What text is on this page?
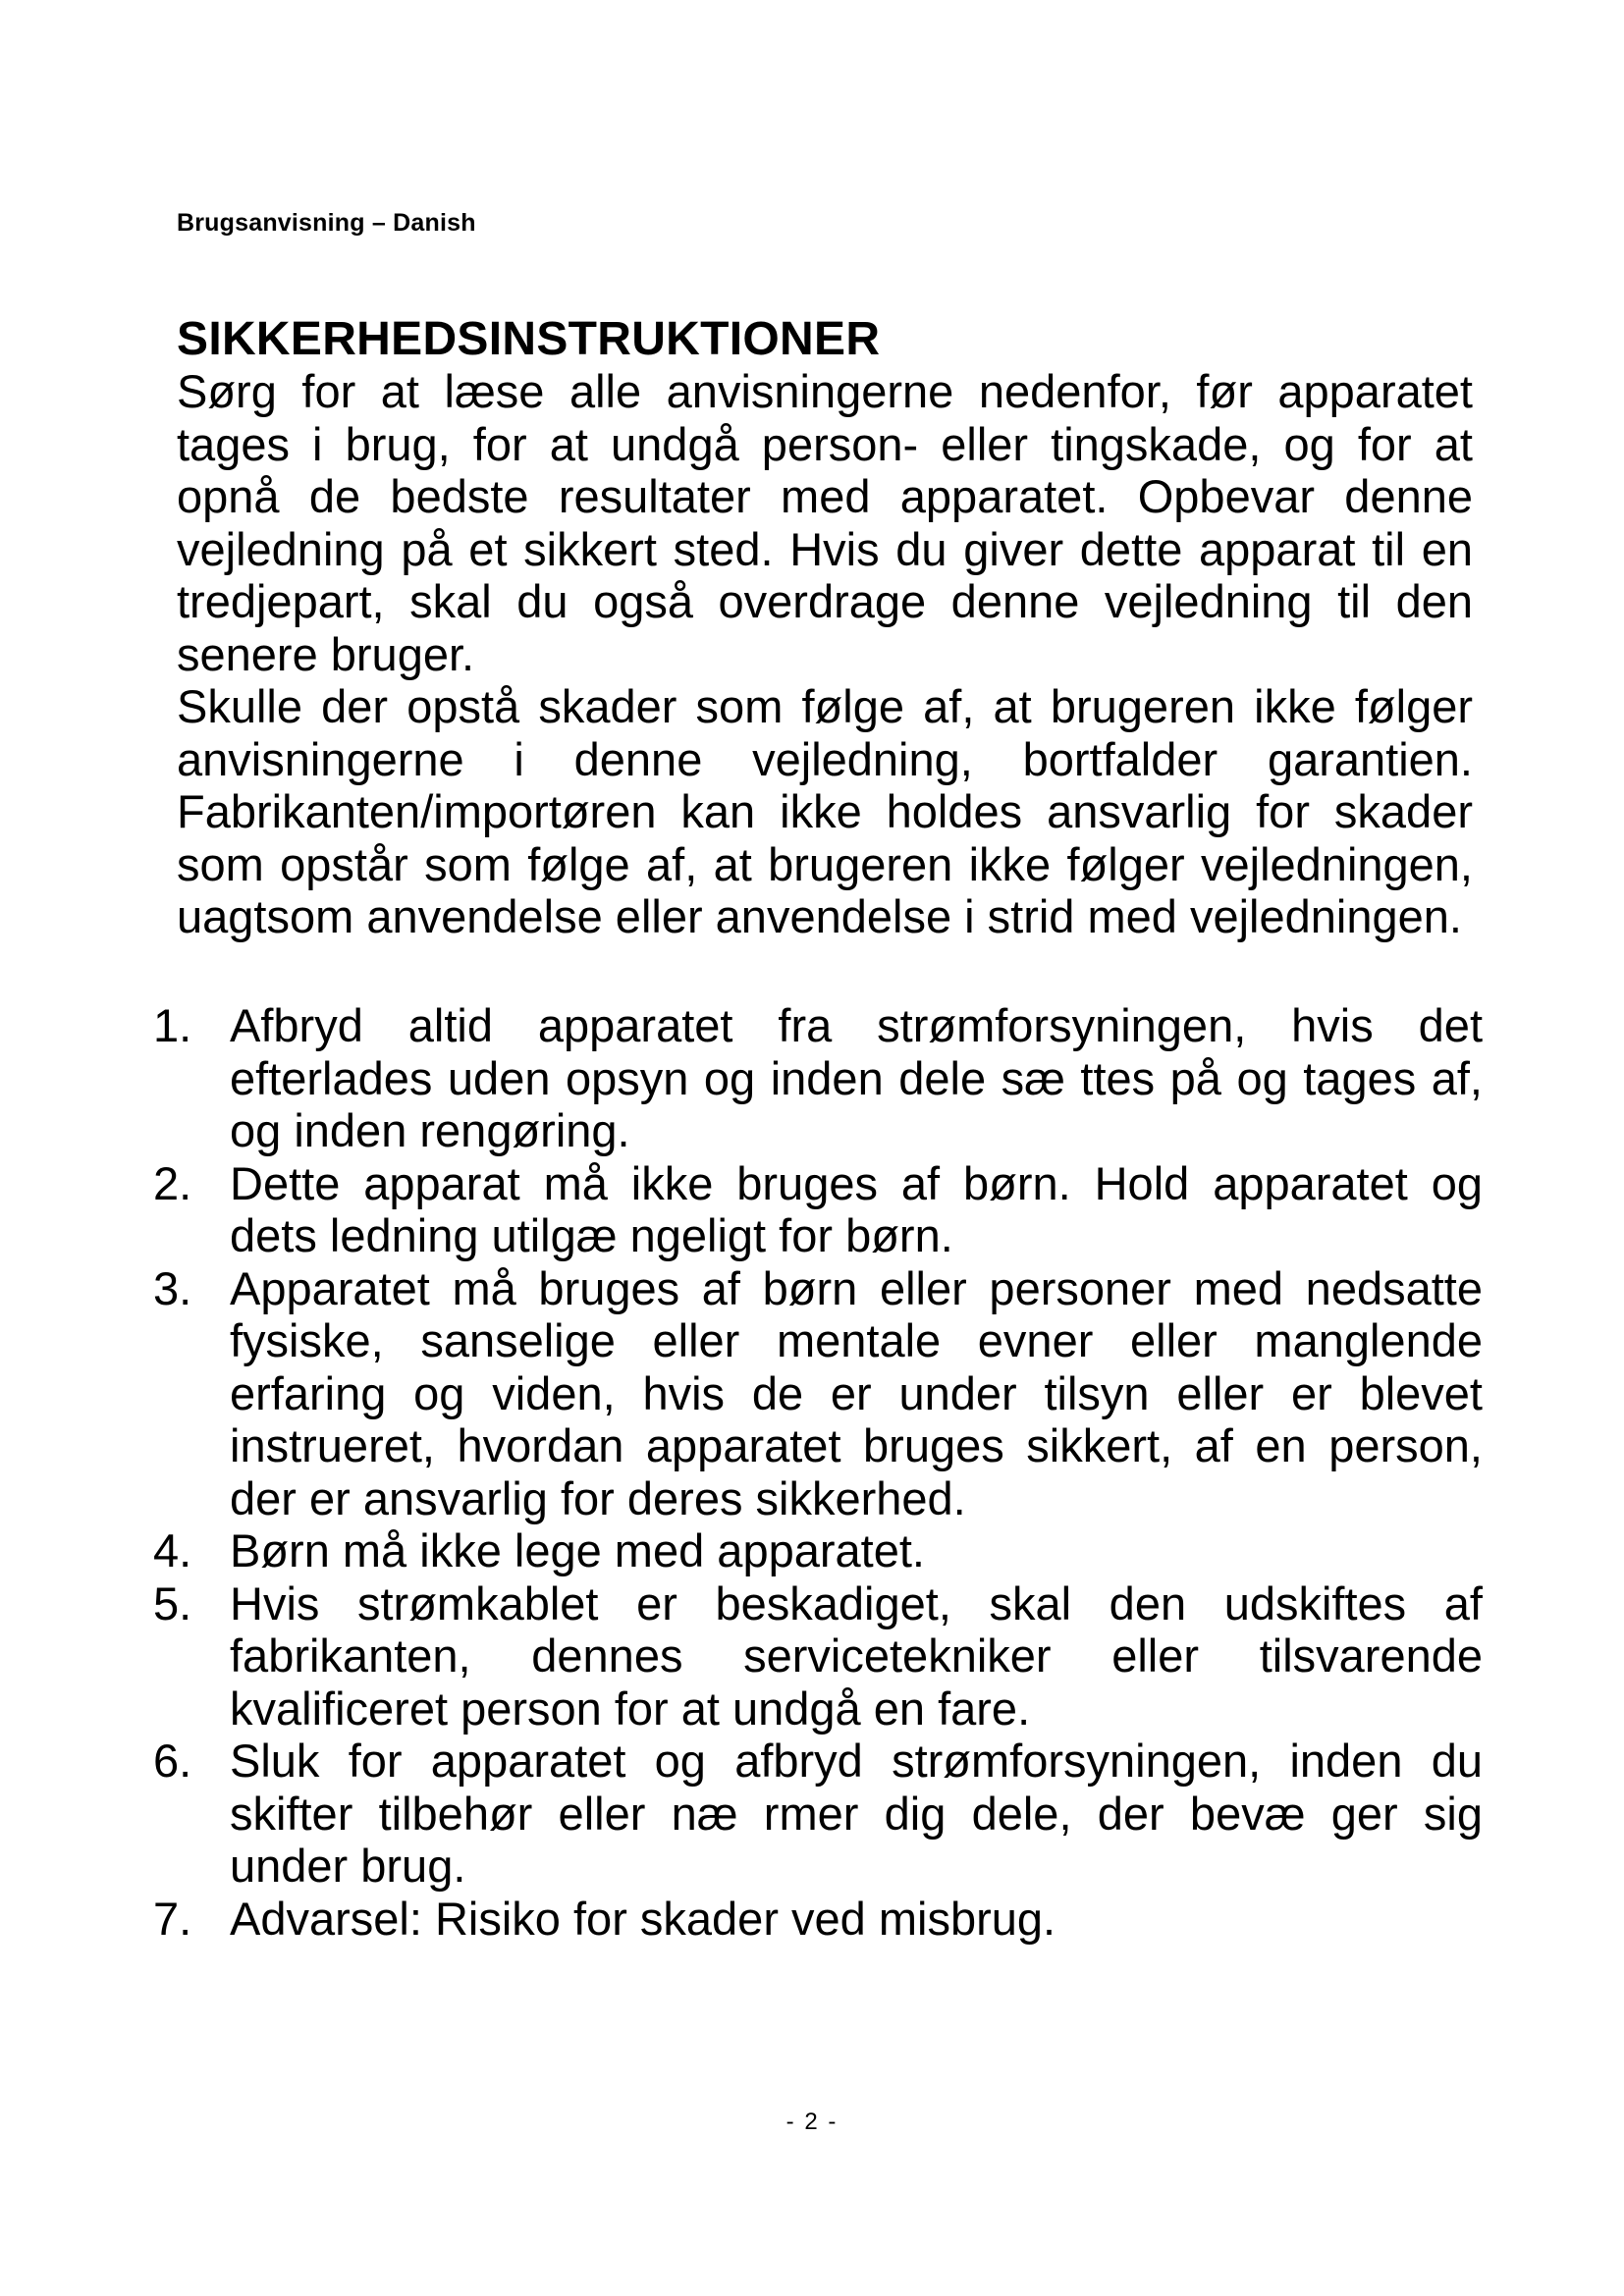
Brugsanvisning – Danish
SIKKERHEDSINSTRUKTIONER

Sørg for at læse alle anvisningerne nedenfor, før apparatet tages i brug, for at undgå person- eller tingskade, og for at opnå de bedste resultater med apparatet. Opbevar denne vejledning på et sikkert sted. Hvis du giver dette apparat til en tredjepart, skal du også overdrage denne vejledning til den senere bruger.

Skulle der opstå skader som følge af, at brugeren ikke følger anvisningerne i denne vejledning, bortfalder garantien. Fabrikanten/importøren kan ikke holdes ansvarlig for skader som opstår som følge af, at brugeren ikke følger vejledningen, uagtsom anvendelse eller anvendelse i strid med vejledningen.

1. Afbryd altid apparatet fra strømforsyningen, hvis det efterlades uden opsyn og inden dele sæ ttes på og tages af, og inden rengøring.
2. Dette apparat må ikke bruges af børn. Hold apparatet og dets ledning utilgæ ngeligt for børn.
3. Apparatet må bruges af børn eller personer med nedsatte fysiske, sanselige eller mentale evner eller manglende erfaring og viden, hvis de er under tilsyn eller er blevet instrueret, hvordan apparatet bruges sikkert, af en person, der er ansvarlig for deres sikkerhed.
4. Børn må ikke lege med apparatet.
5. Hvis strømkablet er beskadiget, skal den udskiftes af fabrikanten, dennes servicetekniker eller tilsvarende kvalificeret person for at undgå en fare.
6. Sluk for apparatet og afbryd strømforsyningen, inden du skifter tilbehør eller næ rmer dig dele, der bevæ ger sig under brug.
7. Advarsel: Risiko for skader ved misbrug.
- 2 -
